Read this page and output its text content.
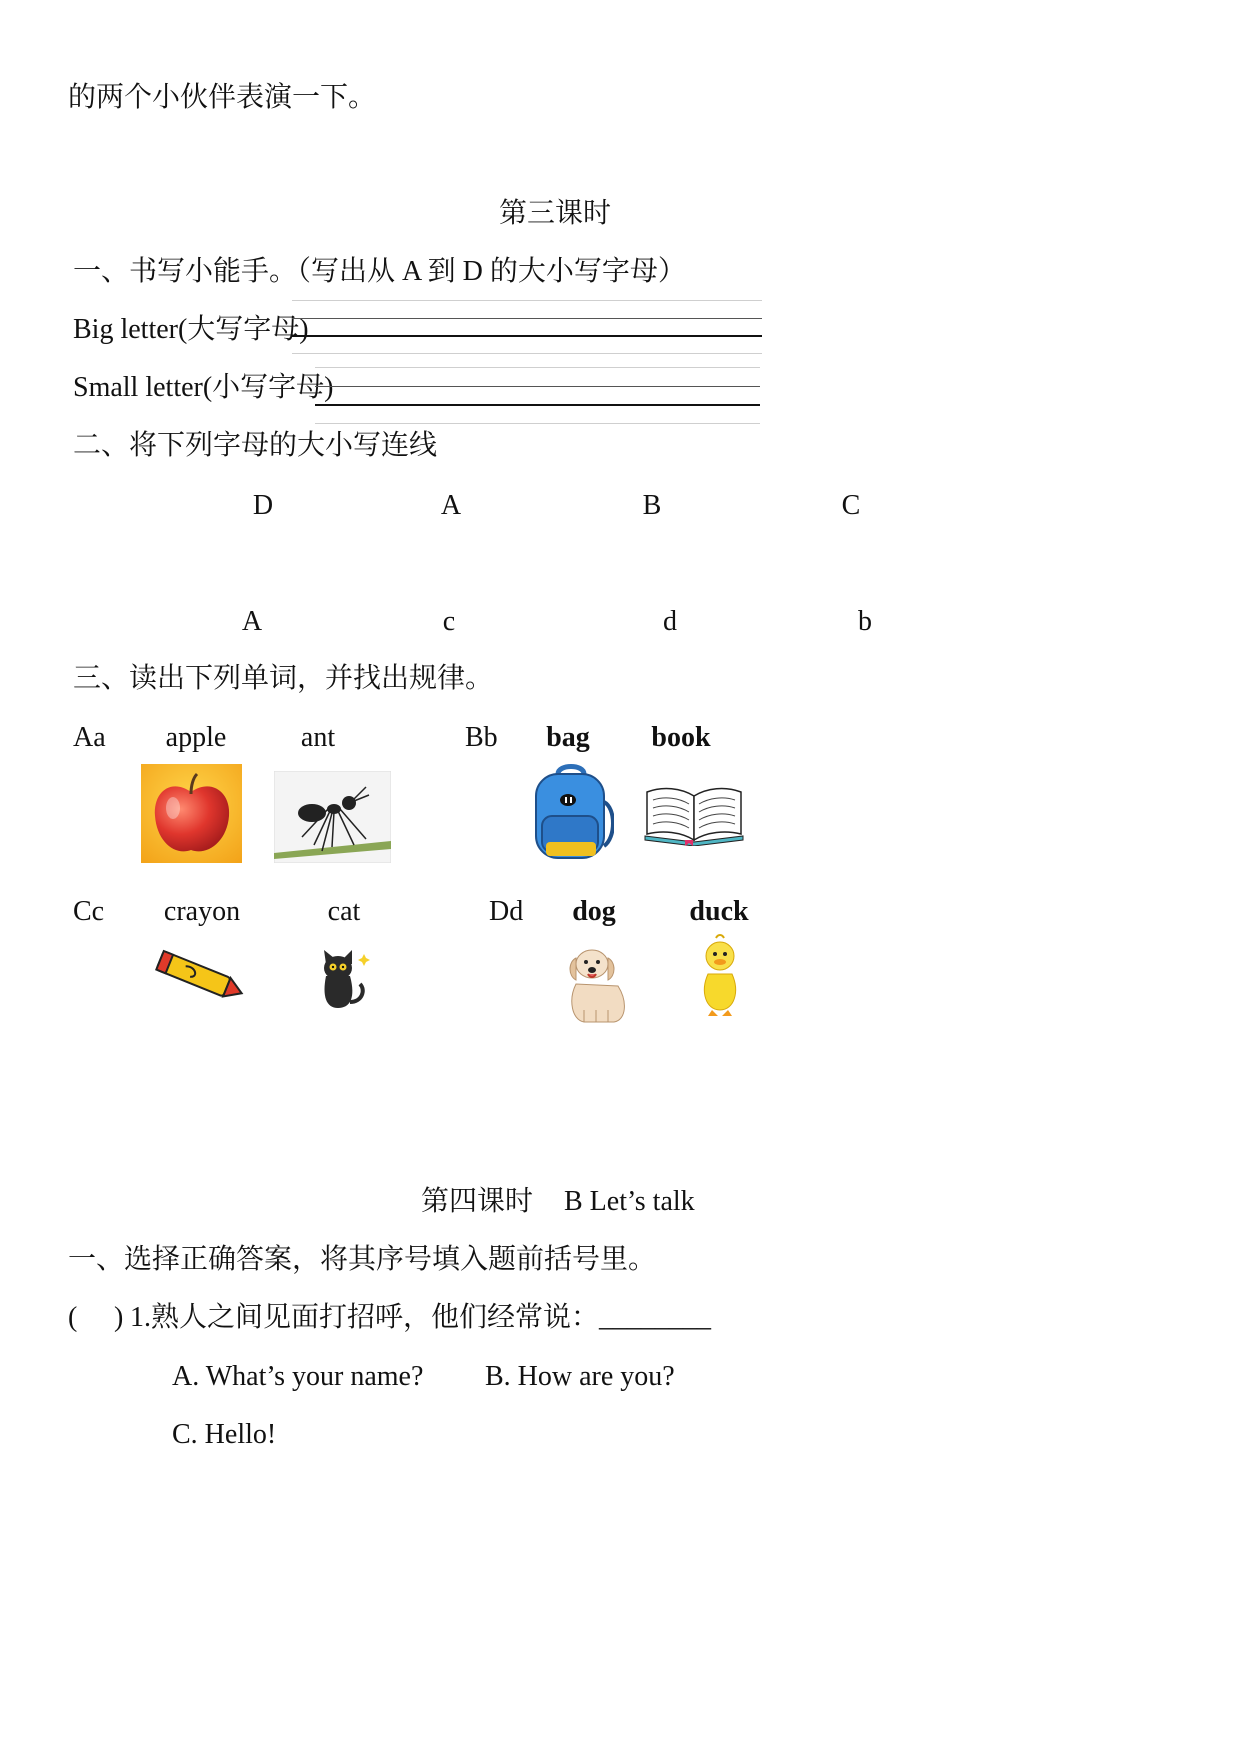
的两个小伙伴表演一下。
第三课时
一、书写小能手。（写出从 A 到 D 的大小写字母）
Big letter(大写字母)
Small letter(小写字母)
二、将下列字母的大小写连线
D	A	B	C
A	c	d	b
三、读出下列单词，并找出规律。
Aa apple	ant	Bb bag book
Cc crayon	cat	Dd dog	duck
第四课时 B Let’s talk
一、选择正确答案，将其序号填入题前括号里。
( ) 1.熟人之间见面打招呼，他们经常说：________
A. What’s your name? B. How are you?
C. Hello!
